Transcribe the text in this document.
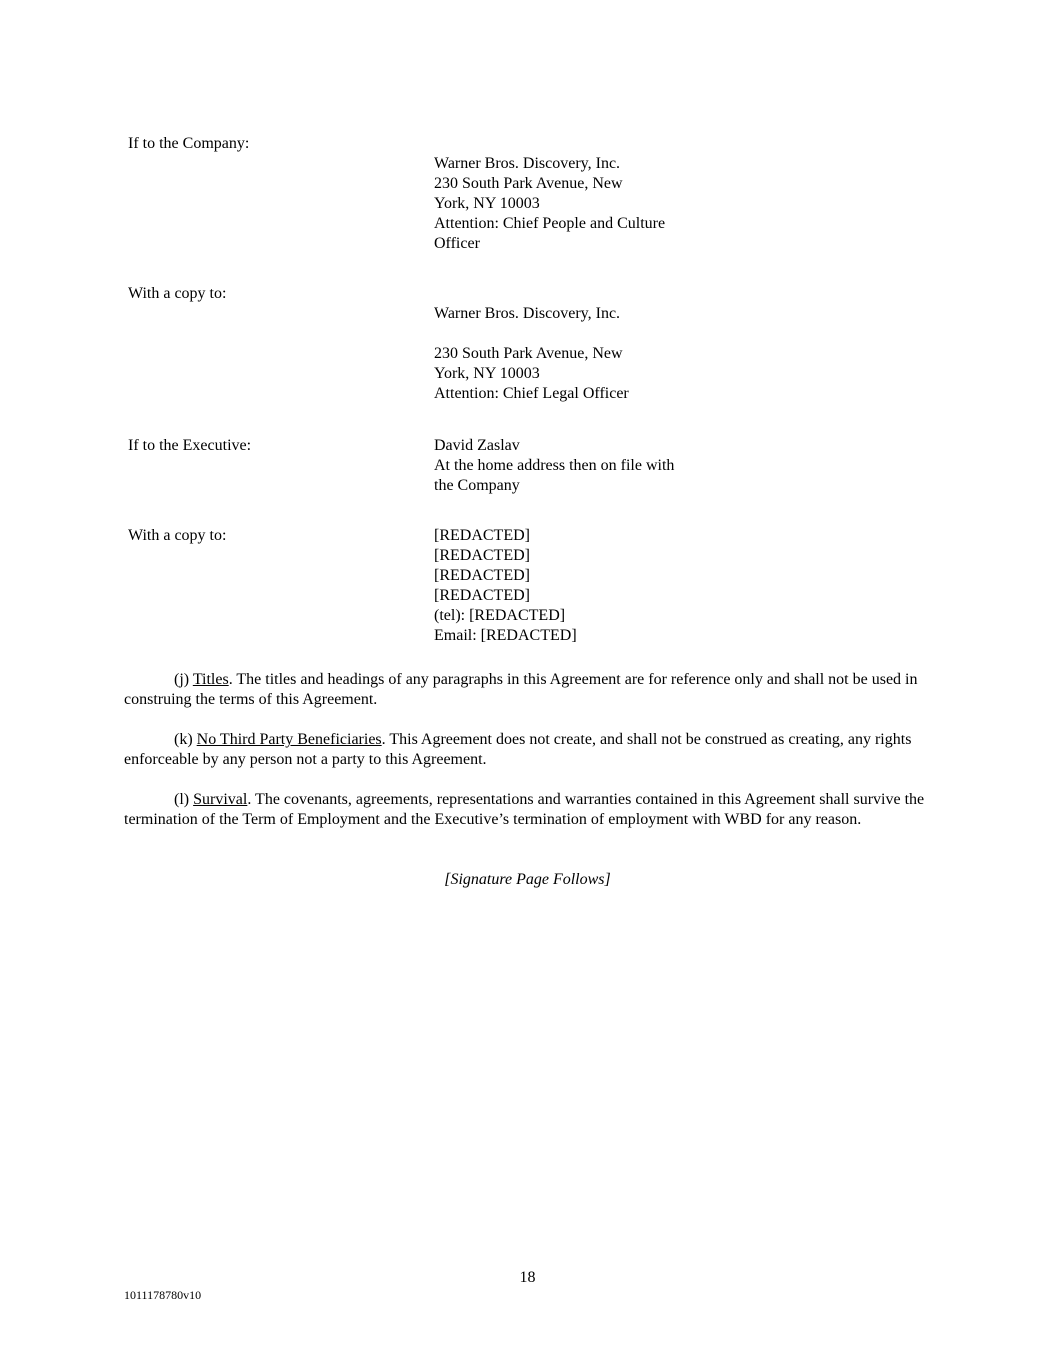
If to the Company:
Warner Bros. Discovery, Inc.
230 South Park Avenue, New
York, NY 10003
Attention: Chief People and Culture
Officer
With a copy to:
Warner Bros. Discovery, Inc.
230 South Park Avenue, New
York, NY 10003
Attention: Chief Legal Officer
If to the Executive:	David Zaslav
At the home address then on file with
the Company
With a copy to:	[REDACTED]
[REDACTED]
[REDACTED]
[REDACTED]
(tel): [REDACTED]
Email: [REDACTED]
(j) Titles. The titles and headings of any paragraphs in this Agreement are for reference only and shall not be used in construing the terms of this Agreement.
(k) No Third Party Beneficiaries. This Agreement does not create, and shall not be construed as creating, any rights enforceable by any person not a party to this Agreement.
(l) Survival. The covenants, agreements, representations and warranties contained in this Agreement shall survive the termination of the Term of Employment and the Executive’s termination of employment with WBD for any reason.
[Signature Page Follows]
18
1011178780v10
